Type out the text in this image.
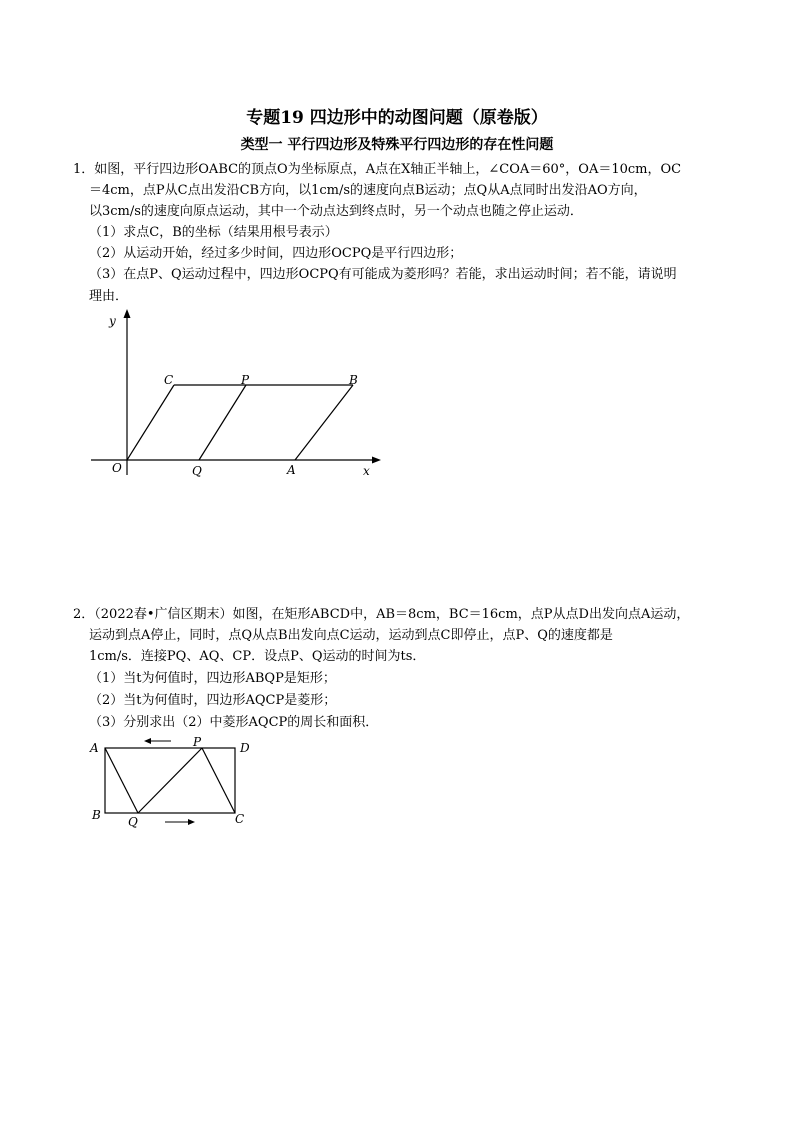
专题19 四边形中的动图问题（原卷版）
类型一 平行四边形及特殊平行四边形的存在性问题
1．如图，平行四边形OABC的顶点O为坐标原点，A点在X轴正半轴上，∠COA＝60°，OA＝10cm，OC
＝4cm，点P从C点出发沿CB方向，以1cm/s的速度向点B运动；点Q从A点同时出发沿AO方向，
以3cm/s的速度向原点运动，其中一个动点达到终点时，另一个动点也随之停止运动．
（1）求点C，B的坐标（结果用根号表示）
（2）从运动开始，经过多少时间，四边形OCPQ是平行四边形；
（3）在点P、Q运动过程中，四边形OCPQ有可能成为菱形吗？若能，求出运动时间；若不能，请说明
理由．
y
x
O	Q	A
C	P	B
2．（2022春•广信区期末）如图，在矩形ABCD中，AB＝8cm，BC＝16cm，点P从点D出发向点A运动，
运动到点A停止，同时，点Q从点B出发向点C运动，运动到点C即停止，点P、Q的速度都是
1cm/s．连接PQ、AQ、CP．设点P、Q运动的时间为ts．
（1）当t为何值时，四边形ABQP是矩形；
（2）当t为何值时，四边形AQCP是菱形；
（3）分别求出（2）中菱形AQCP的周长和面积．
A	P	D
B Q	C
